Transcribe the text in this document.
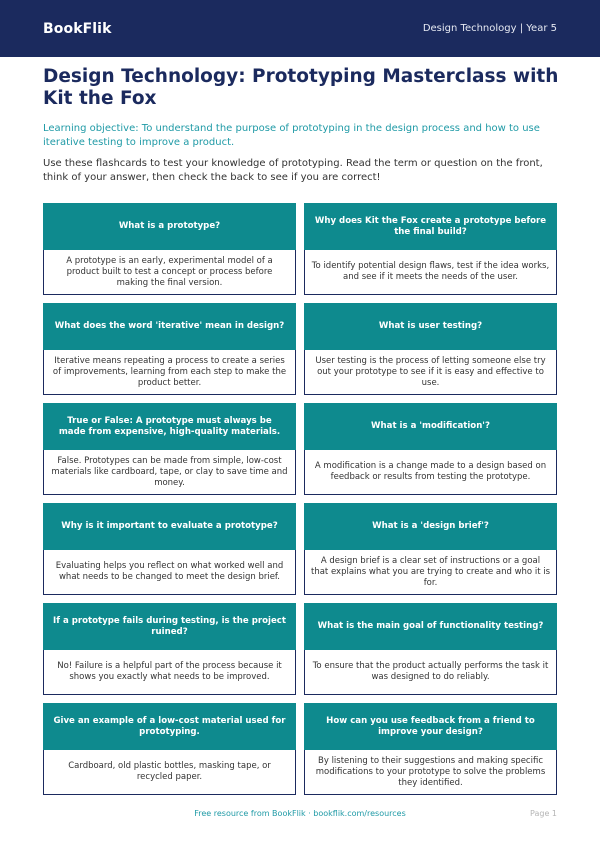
BookFlik	Design Technology | Year 5
Design Technology: Prototyping Masterclass with Kit the Fox

Learning objective: To understand the purpose of prototyping in the design process and how to use iterative testing to improve a product.

Use these flashcards to test your knowledge of prototyping. Read the term or question on the front, think of your answer, then check the back to see if you are correct!

What is a prototype?
A prototype is an early, experimental model of a product built to test a concept or process before making the final version.
Why does Kit the Fox create a prototype before the final build?
To identify potential design flaws, test if the idea works, and see if it meets the needs of the user.
What does the word 'iterative' mean in design?
Iterative means repeating a process to create a series of improvements, learning from each step to make the product better.
What is user testing?
User testing is the process of letting someone else try out your prototype to see if it is easy and effective to use.
True or False: A prototype must always be made from expensive, high-quality materials.
False. Prototypes can be made from simple, low-cost materials like cardboard, tape, or clay to save time and money.
What is a 'modification'?
A modification is a change made to a design based on feedback or results from testing the prototype.
Why is it important to evaluate a prototype?
Evaluating helps you reflect on what worked well and what needs to be changed to meet the design brief.
What is a 'design brief'?
A design brief is a clear set of instructions or a goal that explains what you are trying to create and who it is for.
If a prototype fails during testing, is the project ruined?
No! Failure is a helpful part of the process because it shows you exactly what needs to be improved.
What is the main goal of functionality testing?
To ensure that the product actually performs the task it was designed to do reliably.
Give an example of a low-cost material used for prototyping.
Cardboard, old plastic bottles, masking tape, or recycled paper.
How can you use feedback from a friend to improve your design?
By listening to their suggestions and making specific modifications to your prototype to solve the problems they identified.
Free resource from BookFlik · bookflik.com/resources	Page 1
